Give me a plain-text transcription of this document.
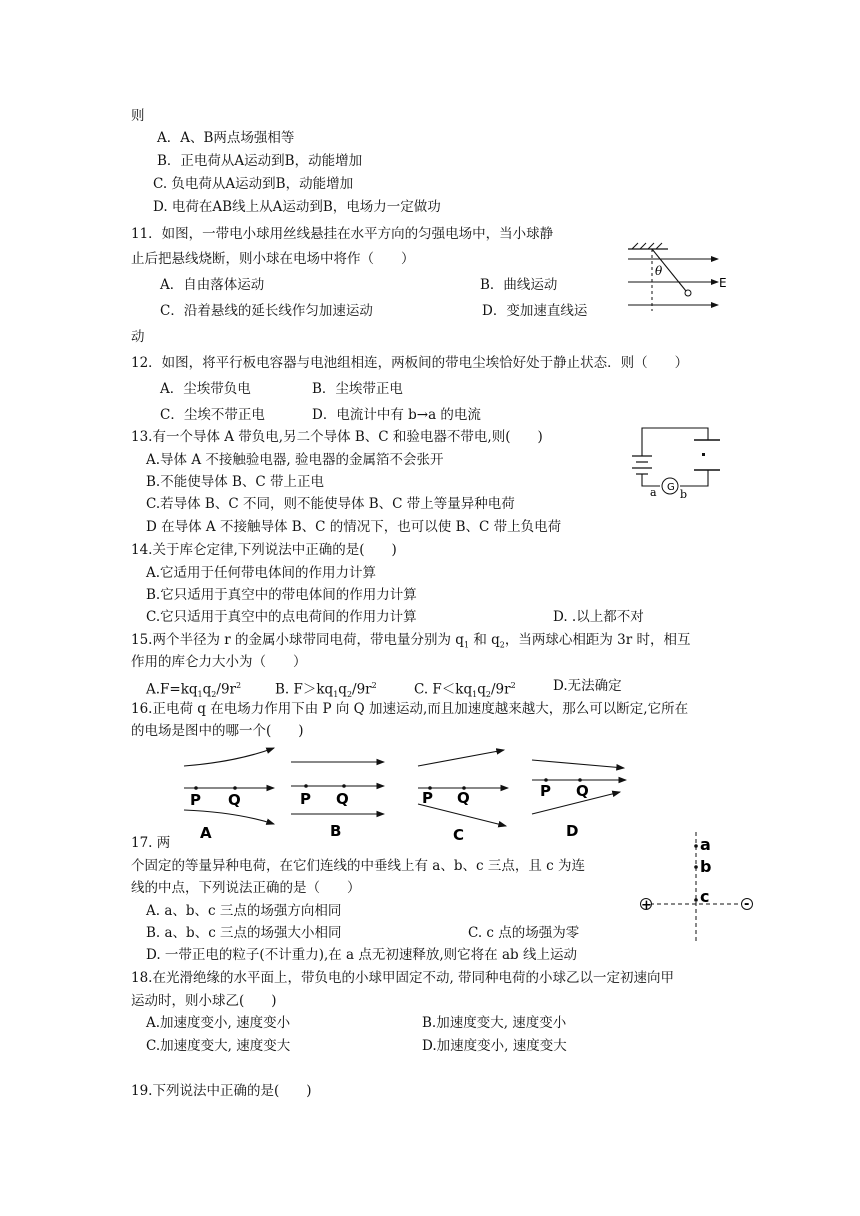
则
A．A、B两点场强相等
B．正电荷从A运动到B，动能增加
C. 负电荷从A运动到B，动能增加
D. 电荷在AB线上从A运动到B，电场力一定做功
11．如图，一带电小球用丝线悬挂在水平方向的匀强电场中，当小球静
止后把悬线烧断，则小球在电场中将作（　　）
A．自由落体运动	B．曲线运动
C．沿着悬线的延长线作匀加速运动	D．变加速直线运
动
12．如图，将平行板电容器与电池组相连，两板间的带电尘埃恰好处于静止状态．则（　　）
A．尘埃带负电	B．尘埃带正电
C．尘埃不带正电	D．电流计中有 b→a 的电流
13.有一个导体 A 带负电,另二个导体 B、C 和验电器不带电,则(　　)
A.导体 A 不接触验电器, 验电器的金属箔不会张开
B.不能使导体 B、C 带上正电
C.若导体 B、C 不同，则不能使导体 B、C 带上等量异种电荷
D 在导体 A 不接触导体 B、C 的情况下，也可以使 B、C 带上负电荷
14.关于库仑定律,下列说法中正确的是(　　)
A.它适用于任何带电体间的作用力计算
B.它只适用于真空中的带电体间的作用力计算
C.它只适用于真空中的点电荷间的作用力计算	D. .以上都不对
15.两个半径为 r 的金属小球带同电荷，带电量分别为 $q_1$ 和 $q_2$，当两球心相距为 3r 时，相互
作用的库仑力大小为（　　）
$A.F=kq_1q_2/9r^2$	B. $F>kq_1q_2/9r^2$	C. $F<kq_1q_2/9r^2$	D.无法确定
16.正电荷 q 在电场力作用下由 P 向 Q 加速运动,而且加速度越来越大，那么可以断定,它所在
的电场是图中的哪一个(　　)
17. 两
个固定的等量异种电荷，在它们连线的中垂线上有 a、b、c 三点，且 c 为连
线的中点，下列说法正确的是（　　）
A. a、b、c 三点的场强方向相同
B. a、b、c 三点的场强大小相同	C. c 点的场强为零
D. 一带正电的粒子(不计重力),在 a 点无初速释放,则它将在 ab 线上运动
18.在光滑绝缘的水平面上，带负电的小球甲固定不动, 带同种电荷的小球乙以一定初速向甲
运动时，则小球乙(　　)
A.加速度变小, 速度变小	B.加速度变大, 速度变小
C.加速度变大, 速度变大	D.加速度变小, 速度变大
19.下列说法中正确的是(　　)
θ
E
G
a b
P Q
A
P Q
B
P Q
C
P Q
D
a
b
c
+	-
